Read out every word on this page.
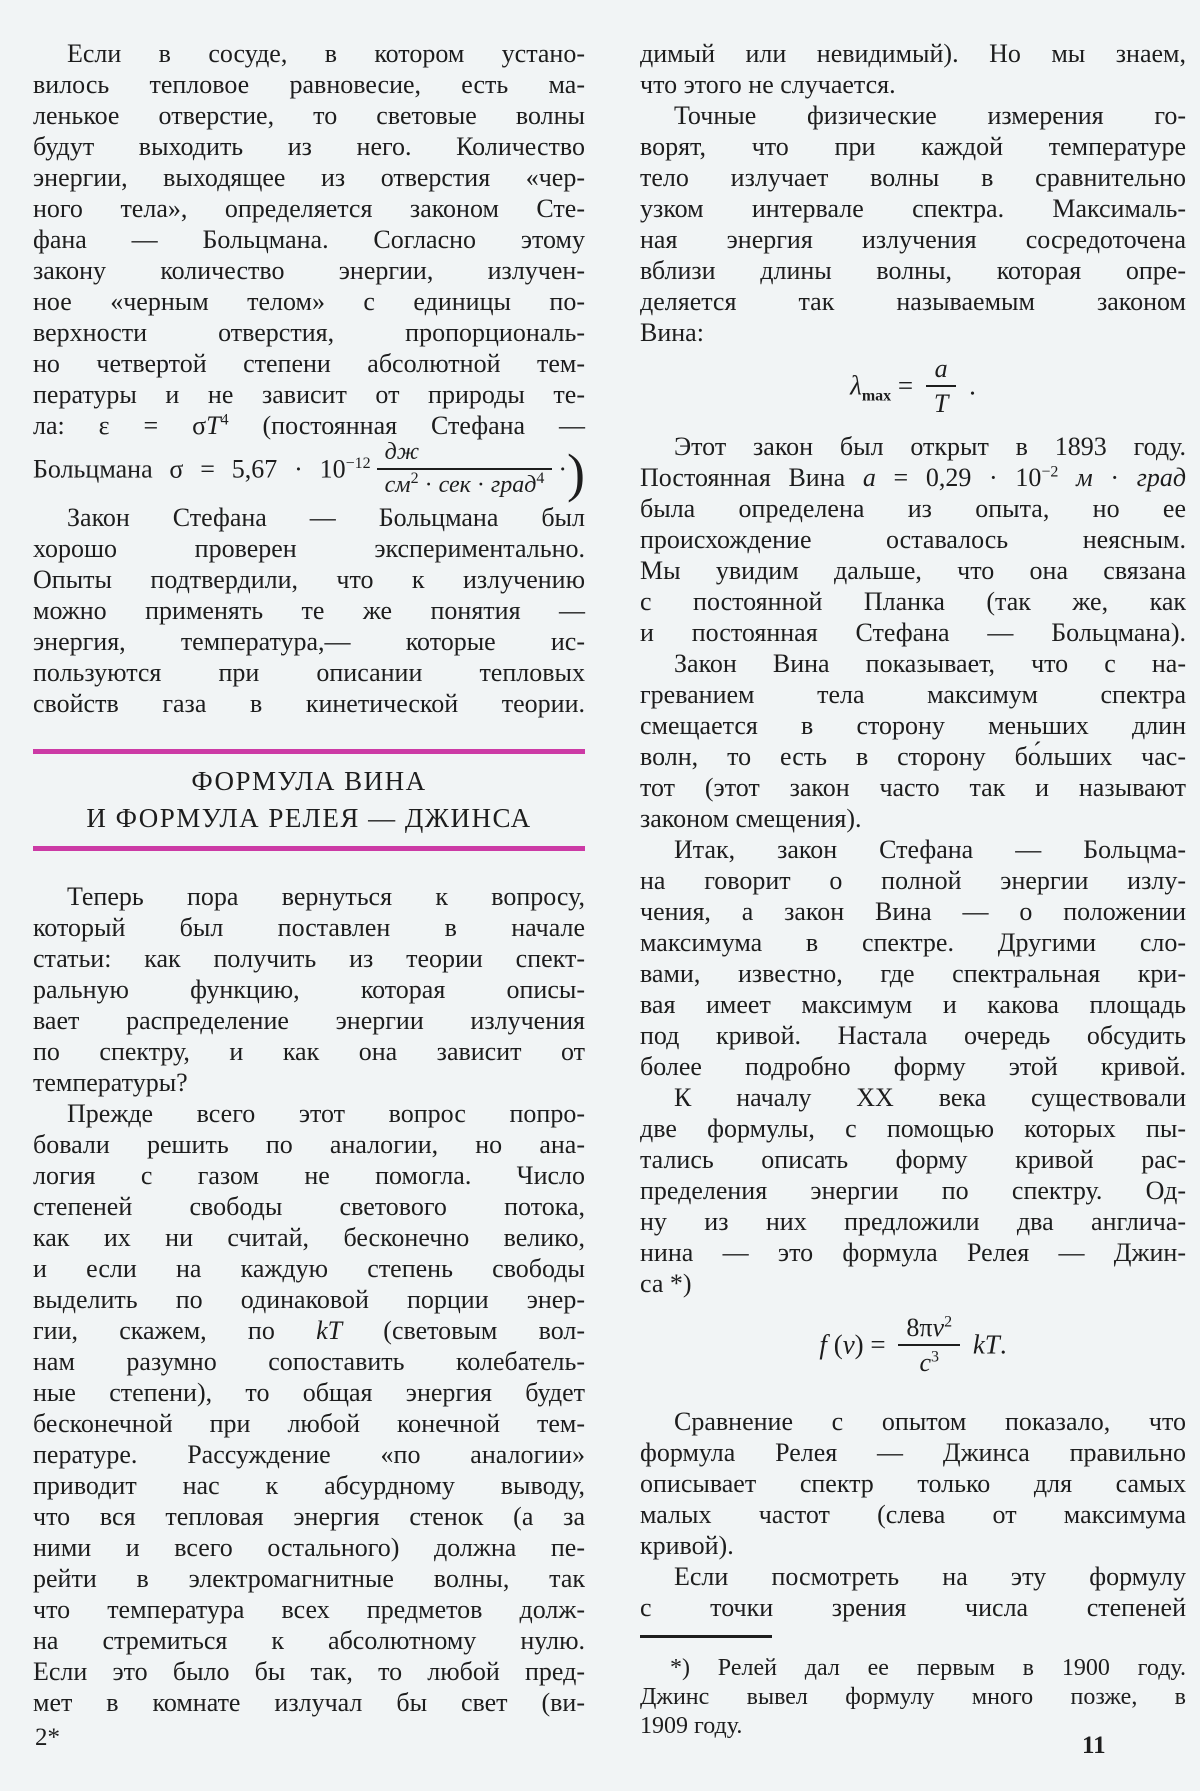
Если в сосуде, в котором устано-
вилось тепловое равновесие, есть ма-
ленькое отверстие, то световые волны
будут выходить из него. Количество
энергии, выходящее из отверстия «чер-
ного тела», определяется законом Сте-
фана — Больцмана. Согласно этому
закону количество энергии, излучен-
ное «черным телом» с единицы по-
верхности отверстия, пропорциональ-
но четвертой степени абсолютной тем-
пературы и не зависит от природы те-
ла: $\varepsilon = \sigma T^4$ (постоянная Стефана —
Больцмана $\sigma = 5,67 \cdot 10^{-12} \frac{дж}{см^2 \cdot сек \cdot град^4}$ ·)
Закон Стефана — Больцмана был
хорошо проверен экспериментально.
Опыты подтвердили, что к излучению
можно применять те же понятия —
энергия, температура,— которые ис-
пользуются при описании тепловых
свойств газа в кинетической теории.
ФОРМУЛА ВИНА
И ФОРМУЛА РЕЛЕЯ — ДЖИНСА
Теперь пора вернуться к вопросу,
который был поставлен в начале
статьи: как получить из теории спект-
ральную функцию, которая описы-
вает распределение энергии излучения
по спектру, и как она зависит от
температуры?
Прежде всего этот вопрос попро-
бовали решить по аналогии, но ана-
логия с газом не помогла. Число
степеней свободы светового потока,
как их ни считай, бесконечно велико,
и если на каждую степень свободы
выделить по одинаковой порции энер-
гии, скажем, по kT (световым вол-
нам разумно сопоставить колебатель-
ные степени), то общая энергия будет
бесконечной при любой конечной тем-
пературе. Рассуждение «по аналогии»
приводит нас к абсурдному выводу,
что вся тепловая энергия стенок (а за
ними и всего остального) должна пе-
рейти в электромагнитные волны, так
что температура всех предметов долж-
на стремиться к абсолютному нулю.
Если это было бы так, то любой пред-
мет в комнате излучал бы свет (ви-
димый или невидимый). Но мы знаем,
что этого не случается.
Точные физические измерения го-
ворят, что при каждой температуре
тело излучает волны в сравнительно
узком интервале спектра. Максималь-
ная энергия излучения сосредоточена
вблизи длины волны, которая опре-
деляется так называемым законом
Вина:
$\lambda_{max} = \frac{a}{T}$ .
Этот закон был открыт в 1893 году.
Постоянная Вина $a = 0,29 \cdot 10^{-2}$ м · град
была определена из опыта, но ее
происхождение оставалось неясным.
Мы увидим дальше, что она связана
с постоянной Планка (так же, как
и постоянная Стефана — Больцмана).
Закон Вина показывает, что с на-
греванием тела максимум спектра
смещается в сторону меньших длин
волн, то есть в сторону бо́льших час-
тот (этот закон часто так и называют
законом смещения).
Итак, закон Стефана — Больцма-
на говорит о полной энергии излу-
чения, а закон Вина — о положении
максимума в спектре. Другими сло-
вами, известно, где спектральная кри-
вая имеет максимум и какова площадь
под кривой. Настала очередь обсудить
более подробно форму этой кривой.
К началу XX века существовали
две формулы, с помощью которых пы-
тались описать форму кривой рас-
пределения энергии по спектру. Од-
ну из них предложили два англича-
нина — это формула Релея — Джин-
са *)
f $(\nu) = \frac{8\pi\nu^2}{c^3}$ kT.
Сравнение с опытом показало, что
формула Релея — Джинса правильно
описывает спектр только для самых
малых частот (слева от максимума
кривой).
Если посмотреть на эту формулу
с точки зрения числа степеней
*) Релей дал ее первым в 1900 году.
Джинс вывел формулу много позже, в
1909 году.
2*	11
